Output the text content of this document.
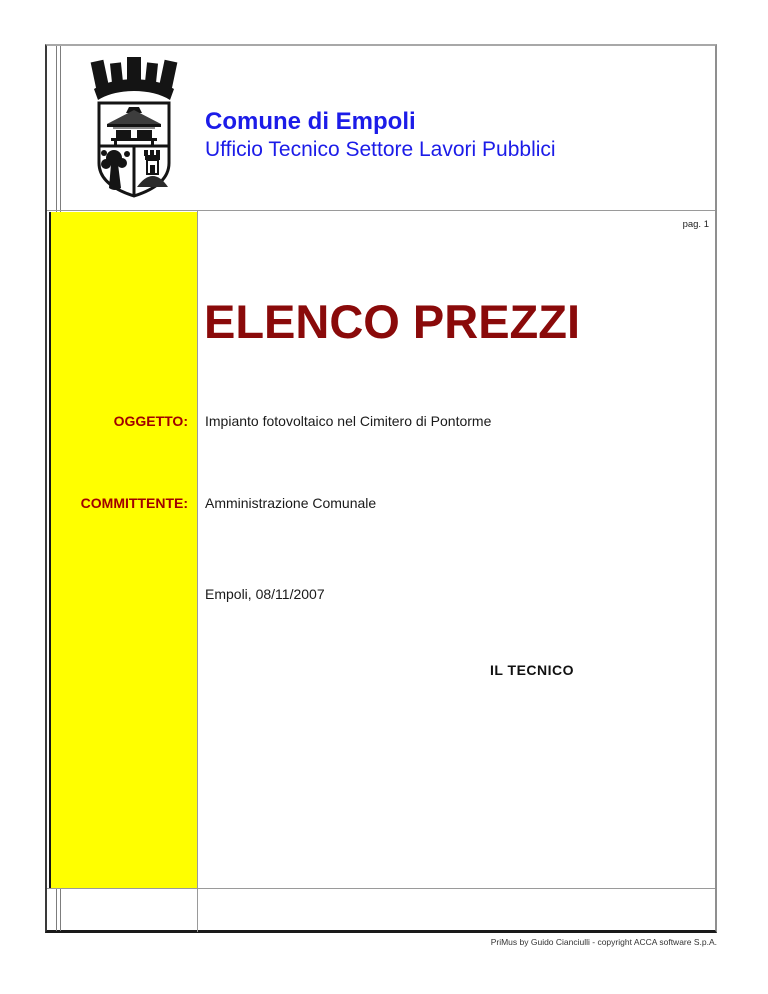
Comune di Empoli
Ufficio Tecnico Settore Lavori Pubblici
pag. 1
ELENCO PREZZI
OGGETTO:	Impianto fotovoltaico nel Cimitero di Pontorme
COMMITTENTE:	Amministrazione Comunale
Empoli, 08/11/2007
IL TECNICO
PriMus by Guido Cianciulli - copyright ACCA software S.p.A.
